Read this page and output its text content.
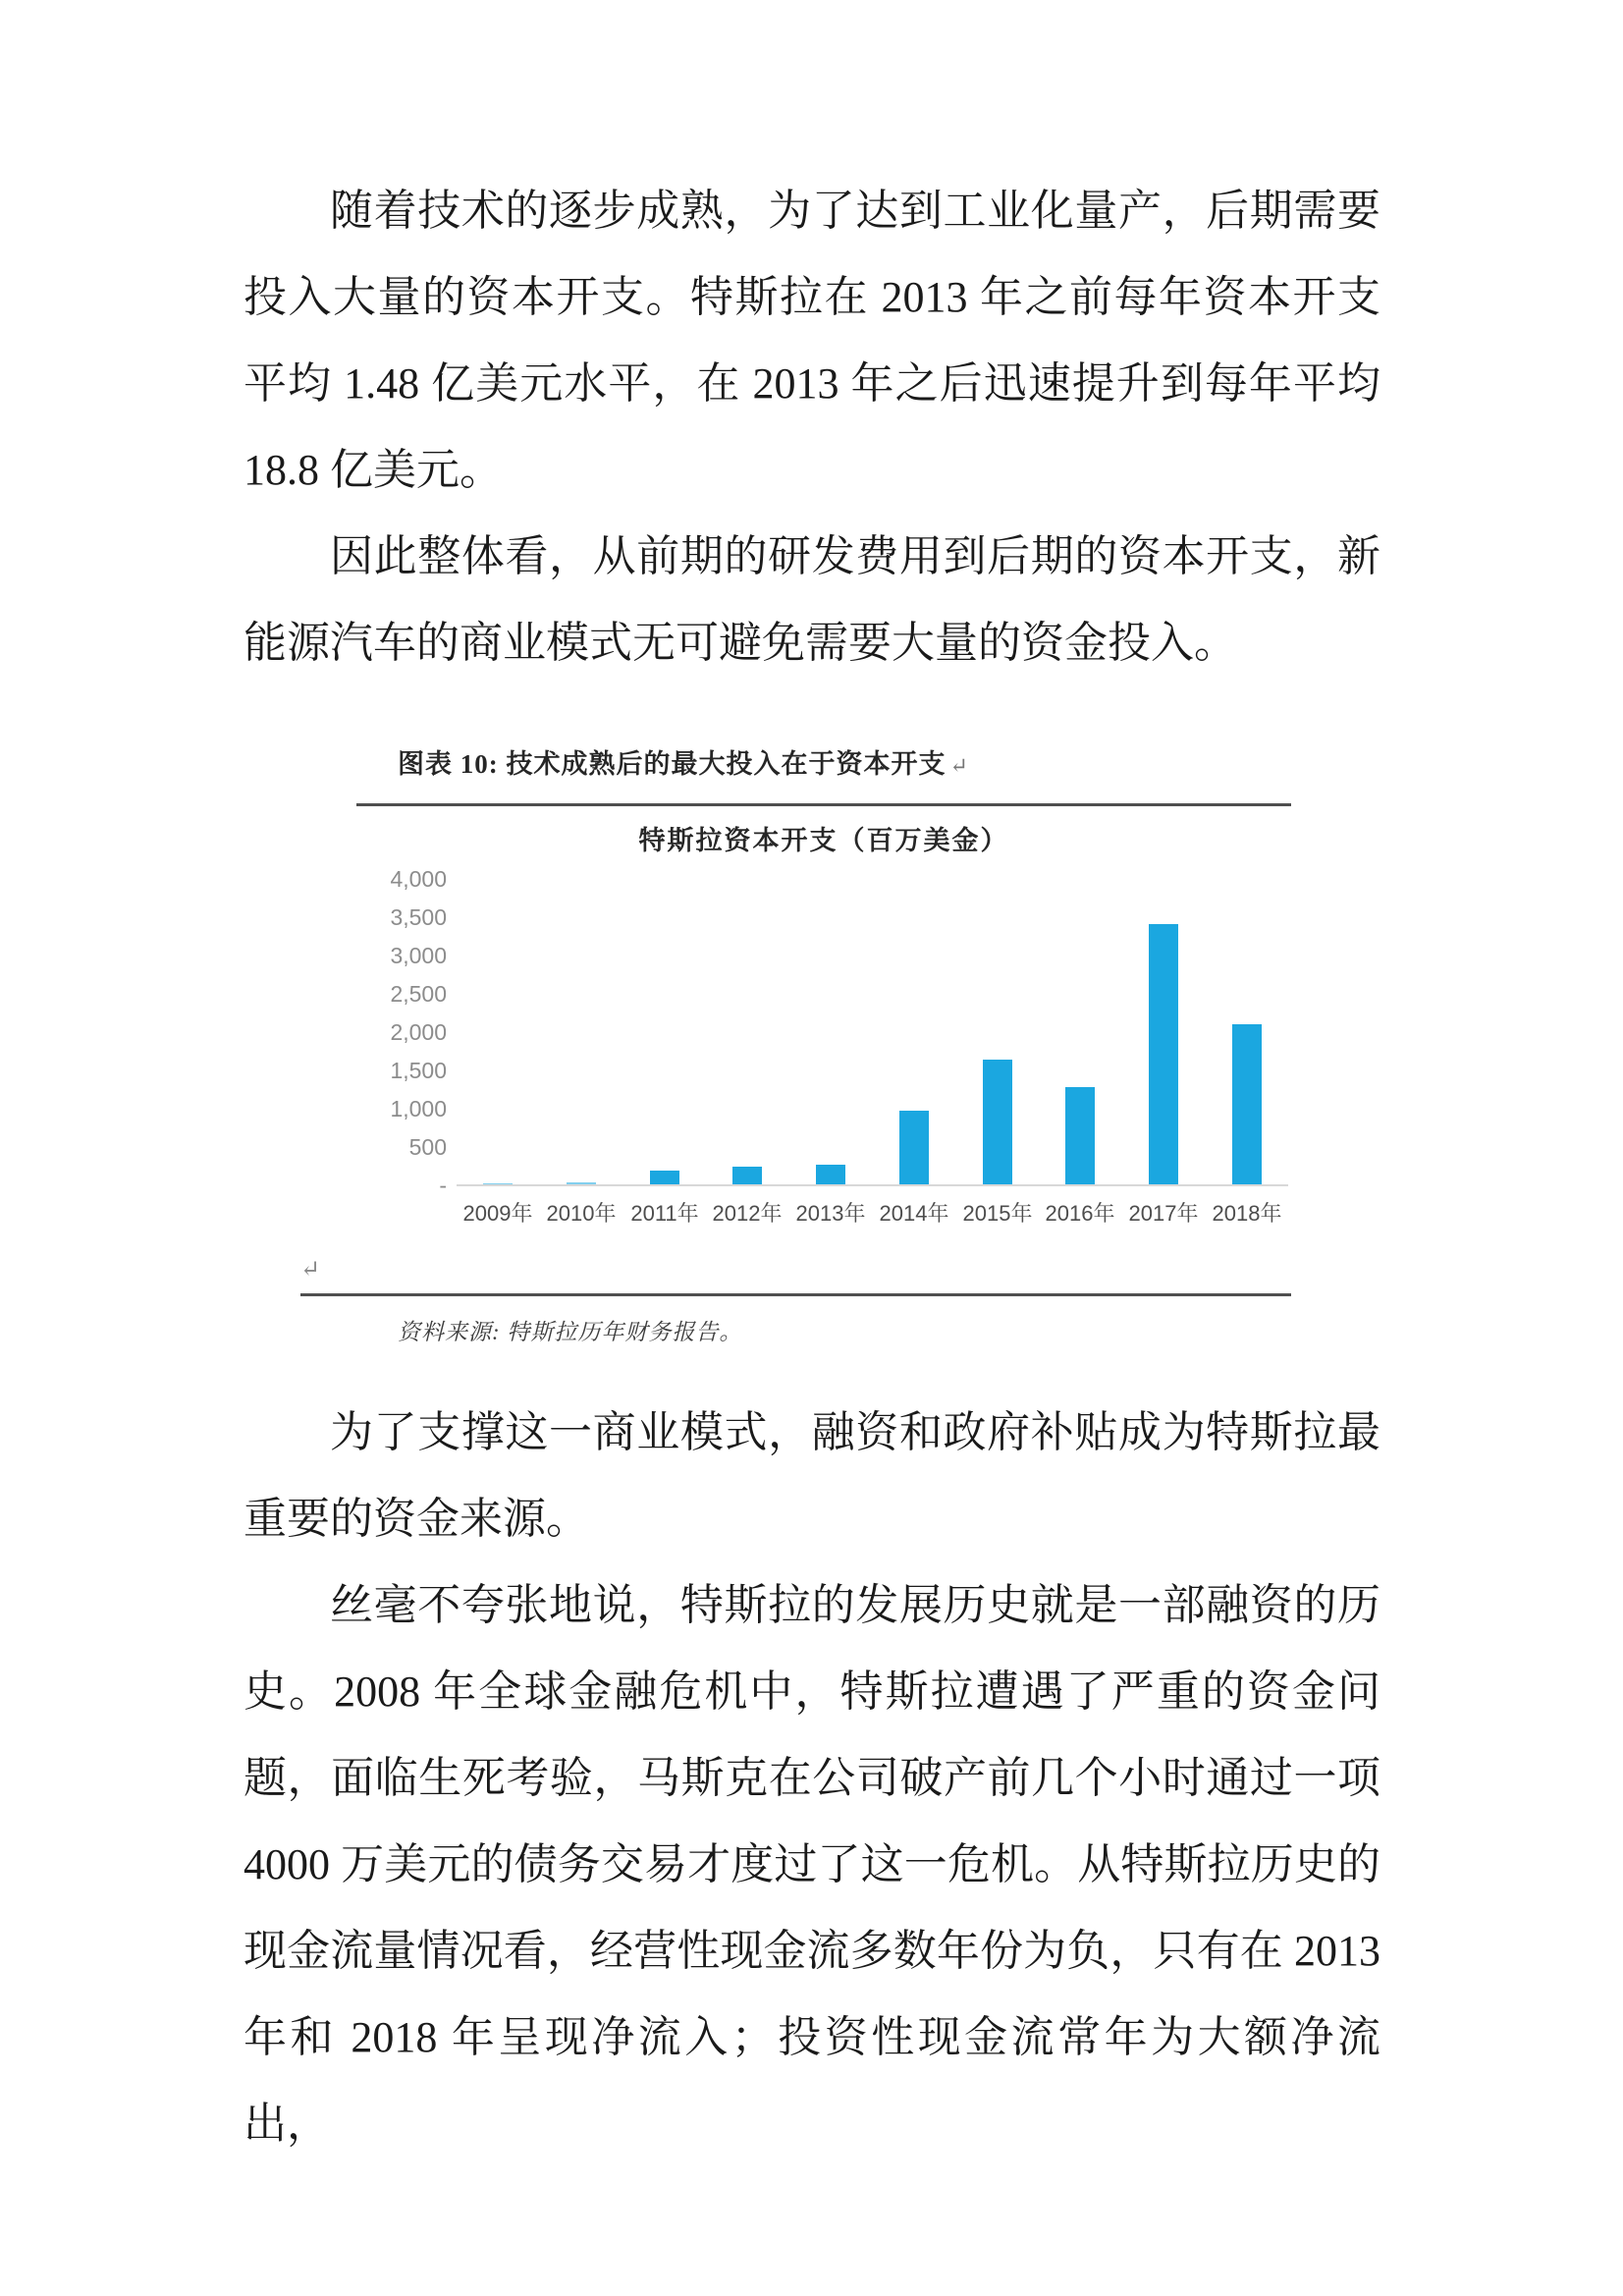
随着技术的逐步成熟，为了达到工业化量产，后期需要投入大量的资本开支。特斯拉在 2013 年之前每年资本开支平均 1.48 亿美元水平，在 2013 年之后迅速提升到每年平均 18.8 亿美元。

因此整体看，从前期的研发费用到后期的资本开支，新能源汽车的商业模式无可避免需要大量的资金投入。

图表 10: 技术成熟后的最大投入在于资本开支 ↵
特斯拉资本开支（百万美金）
4,000
3,500
3,000
2,500
2,000
1,500
1,000
500
-
2009年 2010年 2011年 2012年 2013年 2014年 2015年 2016年 2017年 2018年
↵
资料来源: 特斯拉历年财务报告。

为了支撑这一商业模式，融资和政府补贴成为特斯拉最重要的资金来源。

丝毫不夸张地说，特斯拉的发展历史就是一部融资的历史。2008 年全球金融危机中，特斯拉遭遇了严重的资金问题，面临生死考验，马斯克在公司破产前几个小时通过一项 4000 万美元的债务交易才度过了这一危机。从特斯拉历史的现金流量情况看，经营性现金流多数年份为负，只有在 2013 年和 2018 年呈现净流入；投资性现金流常年为大额净流出，
